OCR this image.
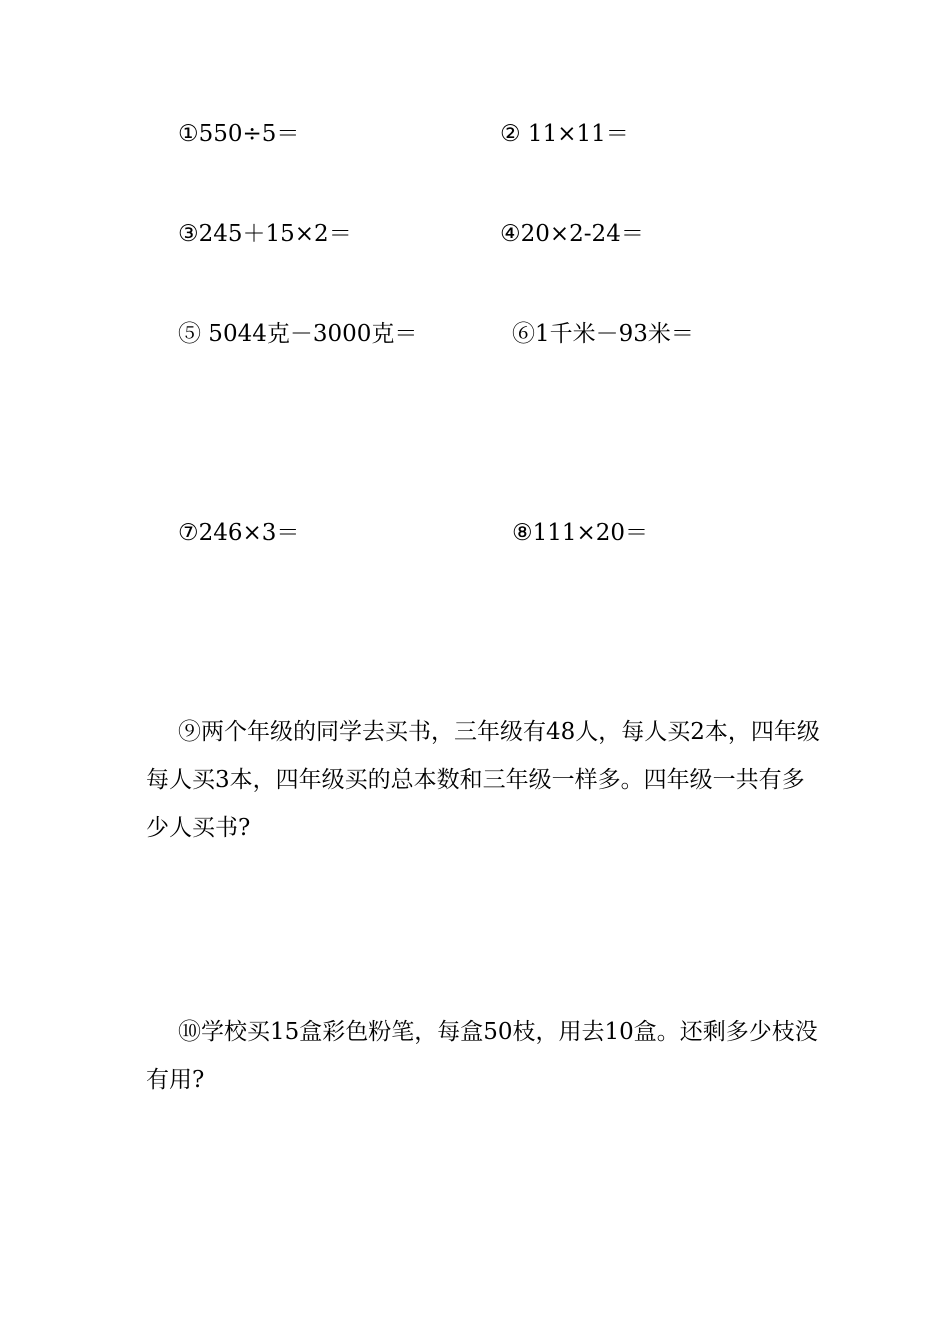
①550÷5＝	② 11×11＝
③245＋15×2＝	④20×2-24＝
⑤ 5044克－3000克＝	⑥1千米－93米＝
⑦246×3＝	⑧111×20＝
⑨两个年级的同学去买书，三年级有48人，每人买2本，四年级每人买3本，四年级买的总本数和三年级一样多。四年级一共有多少人买书?
⑩学校买15盒彩色粉笔，每盒50枝，用去10盒。还剩多少枝没有用?
